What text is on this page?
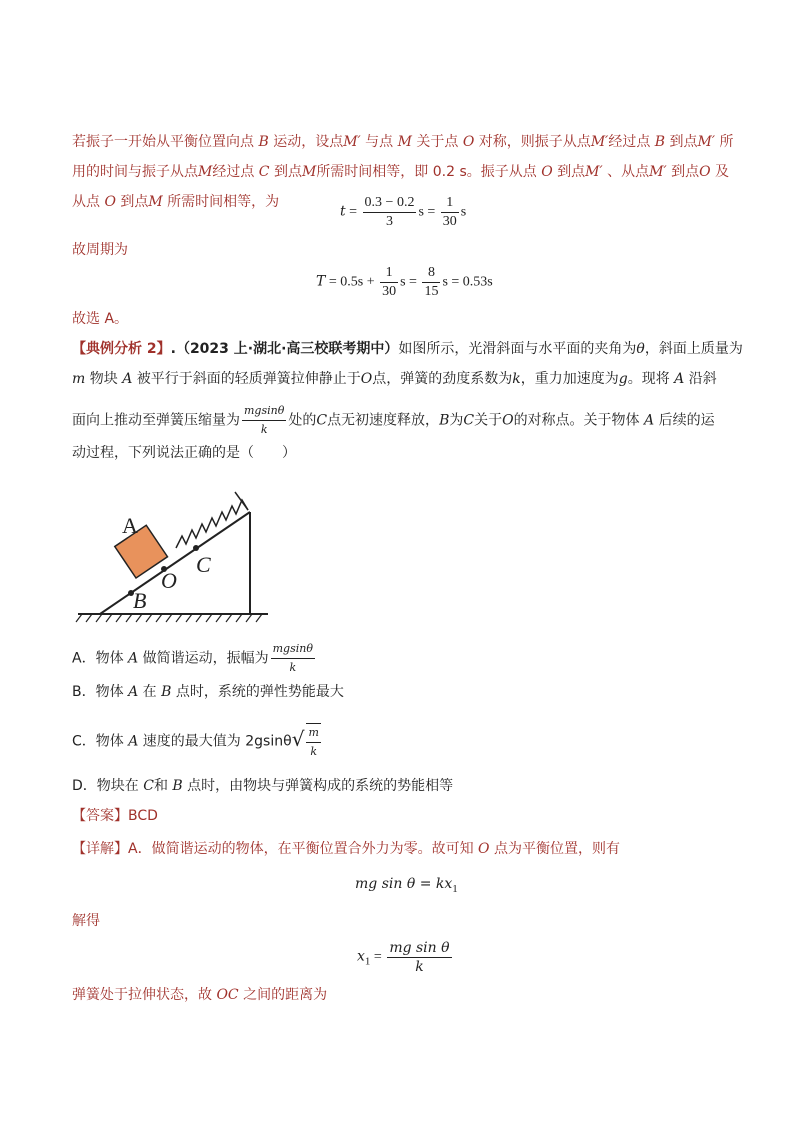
若振子一开始从平衡位置向点 B 运动，设点M′ 与点 M 关于点 O 对称，则振子从点M′经过点 B 到点M′ 所
用的时间与振子从点M经过点 C 到点M所需时间相等，即 0.2 s。振子从点 O 到点M′ 、从点M′ 到点O 及
从点 O 到点M 所需时间相等，为
$t = \frac{0.3 - 0.2}{3}$ $s = \frac{1}{30}$ s
故周期为
$T = 0.5s + \frac{1}{30}$ $s = \frac{8}{15}$ s = 0.53s
故选 A。
【典例分析 2】.（2023 上·湖北·高三校联考期中）如图所示，光滑斜面与水平面的夹角为θ，斜面上质量为
m 物块 A 被平行于斜面的轻质弹簧拉伸静止于O点，弹簧的劲度系数为k，重力加速度为g。现将 A 沿斜
面向上推动至弹簧压缩量为 $\frac{mgsin\theta}{k}$ 处的C点无初速度释放，B为C关于O的对称点。关于物体 A 后续的运
动过程，下列说法正确的是（　　）
A
B
O
C
A．物体 A 做简谐运动，振幅为 $\frac{mgsin\theta}{k}$
B．物体 A 在 B 点时，系统的弹性势能最大
C．物体 A 速度的最大值为 $2gsin\theta√ \frac{m}{k}$
D．物块在 C和 B 点时，由物块与弹簧构成的系统的势能相等
【答案】BCD
【详解】A．做简谐运动的物体，在平衡位置合外力为零。故可知 O 点为平衡位置，则有
mg $\sin \theta = kx_1$
解得
$x_1 = \frac{\text{mg sin θ}}{k}$
弹簧处于拉伸状态，故 OC 之间的距离为
